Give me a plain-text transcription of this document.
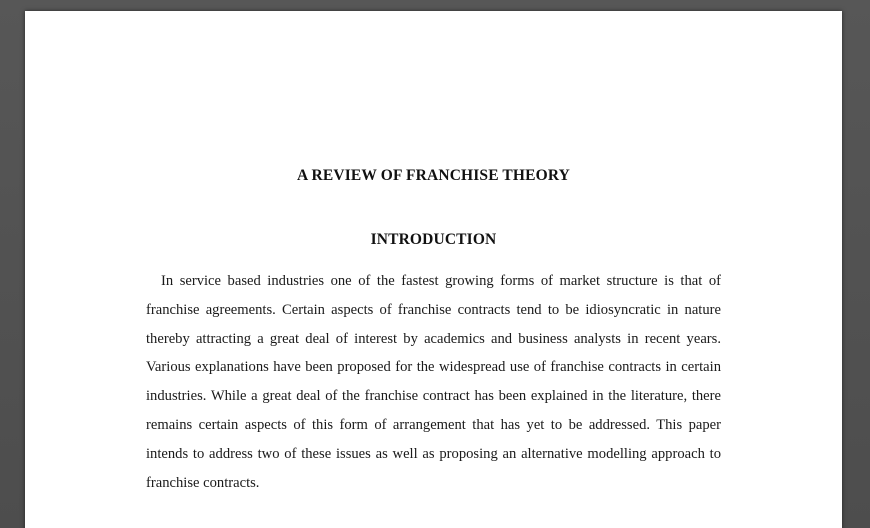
A REVIEW OF FRANCHISE THEORY
INTRODUCTION

In service based industries one of the fastest growing forms of market structure is that of franchise agreements. Certain aspects of franchise contracts tend to be idiosyncratic in nature thereby attracting a great deal of interest by academics and business analysts in recent years. Various explanations have been proposed for the widespread use of franchise contracts in certain industries. While a great deal of the franchise contract has been explained in the literature, there remains certain aspects of this form of arrangement that has yet to be addressed. This paper intends to address two of these issues as well as proposing an alternative modelling approach to franchise contracts.
